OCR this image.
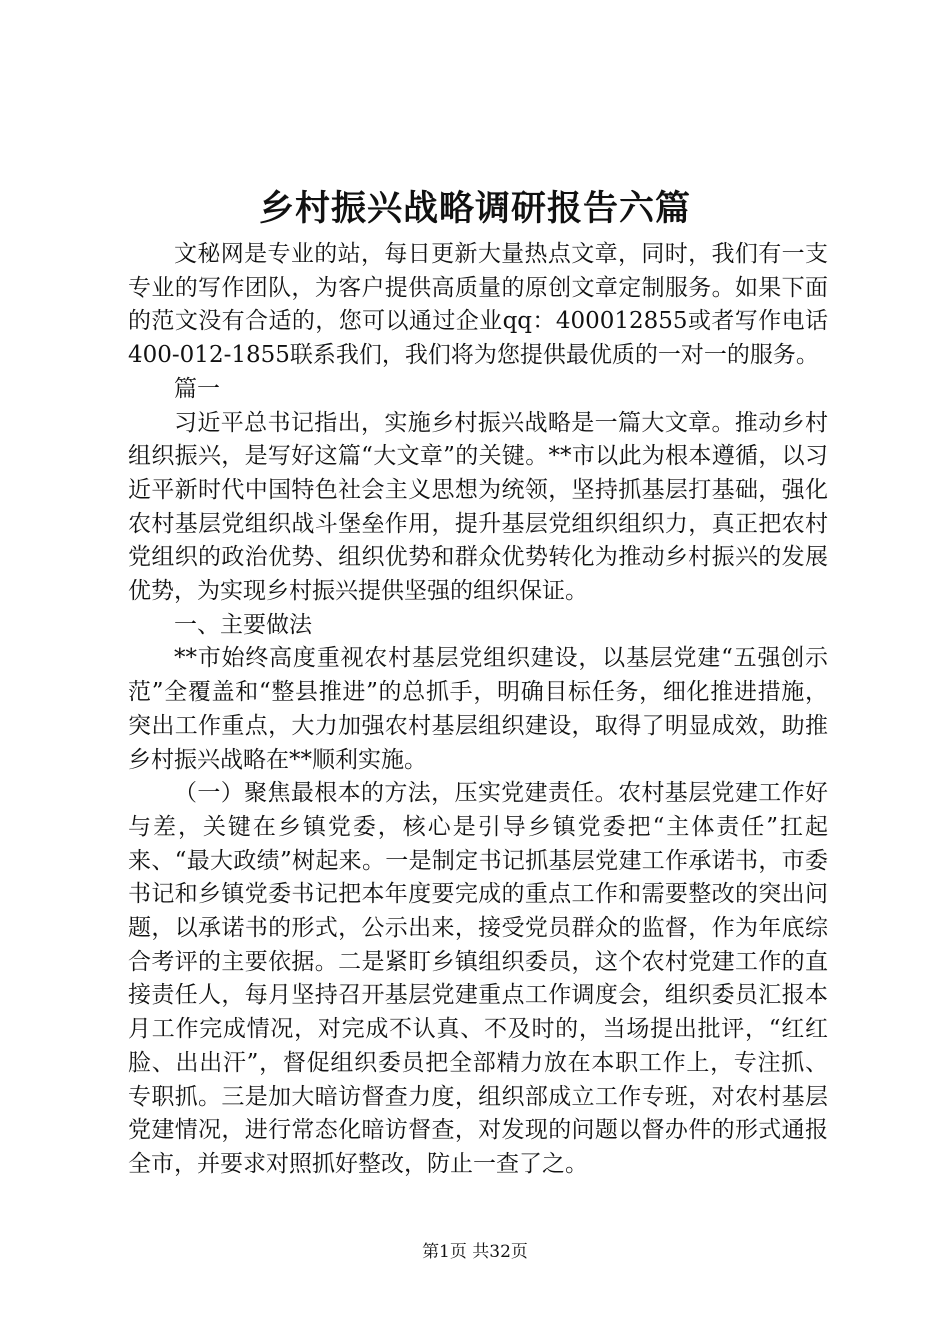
乡村振兴战略调研报告六篇

文秘网是专业的站，每日更新大量热点文章，同时，我们有一支专业的写作团队，为客户提供高质量的原创文章定制服务。如果下面的范文没有合适的，您可以通过企业qq：400012855或者写作电话400-012-1855联系我们，我们将为您提供最优质的一对一的服务。

篇一

习近平总书记指出，实施乡村振兴战略是一篇大文章。推动乡村组织振兴，是写好这篇“大文章”的关键。**市以此为根本遵循，以习近平新时代中国特色社会主义思想为统领，坚持抓基层打基础，强化农村基层党组织战斗堡垒作用，提升基层党组织组织力，真正把农村党组织的政治优势、组织优势和群众优势转化为推动乡村振兴的发展优势，为实现乡村振兴提供坚强的组织保证。

一、主要做法

**市始终高度重视农村基层党组织建设，以基层党建“五强创示范”全覆盖和“整县推进”的总抓手，明确目标任务，细化推进措施，突出工作重点，大力加强农村基层组织建设，取得了明显成效，助推乡村振兴战略在**顺利实施。

（一）聚焦最根本的方法，压实党建责任。农村基层党建工作好与差，关键在乡镇党委，核心是引导乡镇党委把“主体责任”扛起来、“最大政绩”树起来。一是制定书记抓基层党建工作承诺书，市委书记和乡镇党委书记把本年度要完成的重点工作和需要整改的突出问题，以承诺书的形式，公示出来，接受党员群众的监督，作为年底综合考评的主要依据。二是紧盯乡镇组织委员，这个农村党建工作的直接责任人，每月坚持召开基层党建重点工作调度会，组织委员汇报本月工作完成情况，对完成不认真、不及时的，当场提出批评，“红红脸、出出汗”，督促组织委员把全部精力放在本职工作上，专注抓、专职抓。三是加大暗访督查力度，组织部成立工作专班，对农村基层党建情况，进行常态化暗访督查，对发现的问题以督办件的形式通报全市，并要求对照抓好整改，防止一查了之。

第1页 共32页
